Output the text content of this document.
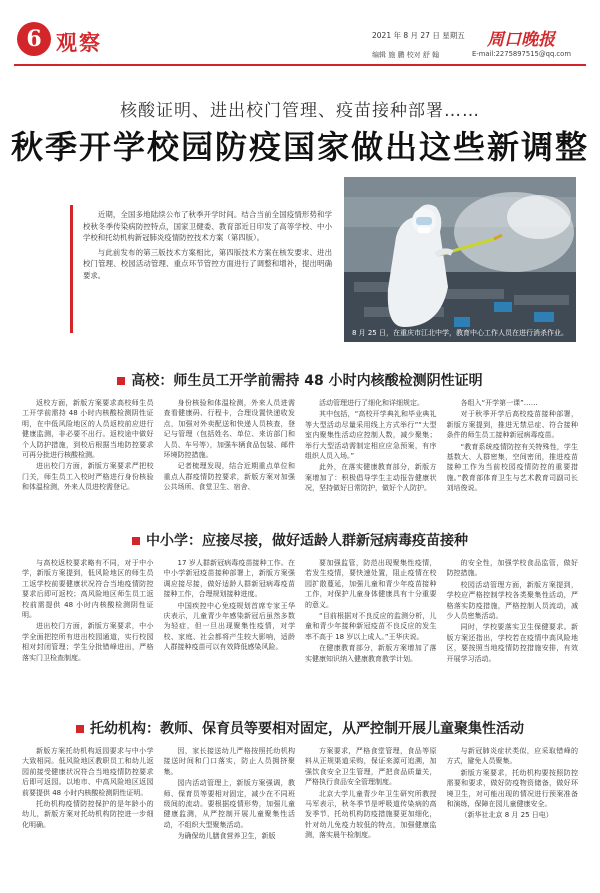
6 观察	2021 年 8 月 27 日 星期五 周口晚报
编辑 施 鹏 校对 舒 翰	E-mail:2275897515@qq.com
核酸证明、进出校门管理、疫苗接种部署……
秋季开学校园防疫国家做出这些新调整

近期，全国多地陆续公布了秋季开学时间。结合当前全国疫情形势和学校秋冬季传染病防控特点，国家卫健委、教育部近日印发了高等学校、中小学校和托幼机构新冠肺炎疫情防控技术方案（第四版）。

与此前发布的第三版技术方案相比，第四版技术方案在核发要求、进出校门管理、校园活动管理、重点环节管控方面进行了调整和增补，提出明确要求。

8 月 25 日，在重庆市江北中学，教育中心工作人员在进行消杀作业。
高校：师生员工开学前需持 48 小时内核酸检测阴性证明

返校方面，新版方案要求高校师生员工开学前需持 48 小时内核酸检测阴性证明，在中低风险地区的人员返校前应进行健康监测，非必要不出行。返校途中做好个人防护措施，到校后根据当地防控要求可再分批进行核酸检测。

进出校门方面，新版方案要求严把校门关，师生员工入校时严格进行身份核验和体温检测，外来人员进校需登记。

身份核验和体温检测，外来人员进需查看健康码、行程卡，合理设置快递收发点，加强对外卖配送和快递人员核查，登记与管理（包括姓名、单位、来访部门和人员、车号等），加强车辆食品包装、邮件环境防控措施。

记者梳理发现，结合近期重点单位和重点人群疫情防控要求，新版方案对加强公共场所、食堂卫生、宿舍、

活动管理进行了细化和详细规定。

其中包括，“高校开学典礼和毕业典礼等大型活动尽量采用线上方式举行”“大型室内聚集性活动应控制人数，减少聚集；举行大型活动需制定相应应急预案，有序组织人员入场。”

此外，在落实健康教育部分，新版方案增加了：积极倡导学生主动报告健康状况，坚持做好日常防护，做好个人防护。

各组入“开学第一课”……

对于秋季开学后高校疫苗接种部署，新版方案提到，推进无禁忌症、符合接种条件的师生员工接种新冠病毒疫苗。

“教育系统疫情防控有关特殊性，学生基数大、人群密集，空间密闭，推进疫苗接种工作为当前校园疫情防控的重要措施。”教育部体育卫生与艺术教育司副司长刘培俊说。

中小学：应接尽接，做好适龄人群新冠病毒疫苗接种

与高校返校要求略有不同，对于中小学，新版方案提到，低风险地区的师生员工返学校前要健康状况符合当地疫情防控要求后即可返校；高风险地区师生员工返校前需提供 48 小时内核酸检测阴性证明。

进出校门方面，新版方案要求，中小学全面把控所有进出校园通道，实行校园相对封闭管理；学生分批错峰进出，严格落实门卫检查制度。

17 岁人群新冠病毒疫苗接种工作。在中小学新冠疫苗接种部署上，新版方案强调应接尽接，做好适龄人群新冠病毒疫苗接种工作，合理规划接种进度。

中国疾控中心免疫规划首席专家王华庆表示，儿童青少年感染新冠后虽然多数为轻症，但一旦出现聚集性疫情，对学校、家庭、社会都将产生较大影响，适龄人群接种疫苗可以有效降低感染风险。

要加强监管，防范出现聚集性疫情，若发生疫情，要快速处置，阻止疫情在校园扩散蔓延，加强儿童和青少年疫苗接种工作，对保护儿童身体健康具有十分重要的意义。

“目前根据对不良反应的监测分析，儿童和青少年接种新冠疫苗不良反应的发生率不高于 18 岁以上成人。”王华庆说。

在健康教育部分，新版方案增加了落实健康知识纳入健康教育教学计划。

的安全性，加强学校食品监管，做好防控措施。

校园活动管理方面，新版方案提到，学校应严格控制学校各类聚集性活动，严格落实防疫措施，严格控制人员流动，减少人员密集活动。

同时，学校要落实卫生保健要求。新版方案还指出，学校若在疫情中高风险地区，要按照当地疫情防控措施安排，有效开展学习活动。

托幼机构：教师、保育员等要相对固定，从严控制开展儿童聚集性活动

新版方案托幼机构返园要求与中小学大致相同。低风险地区教职员工和幼儿返园前接受健康状况符合当地疫情防控要求后即可返园。以地市、中高风险地区返园前要提供 48 小时内核酸检测阴性证明。

托幼机构疫情防控保护的是年龄小的幼儿，新版方案对托幼机构防控进一步细化明确。

因，家长接送幼儿严格按照托幼机构接送时间和门口落实，防止人员拥挤聚集。

园内活动管理上，新版方案强调，教师、保育员等要相对固定，减少在不同班级间的流动。要根据疫情形势，加强儿童健康监测，从严控制开展儿童聚集性活动，不组织大型聚集活动。

为确保幼儿膳食营养卫生，新版

方案要求，严格食堂管理，食品等原料从正规渠道采购，保证来源可追溯，加强饮食安全卫生管理，严把食品质量关，严格执行食品安全管理制度。

北京大学儿童青少年卫生研究所教授马军表示，秋冬季节是呼吸道传染病的高发季节，托幼机构防疫措施要更加细化，针对幼儿免疫力较低的特点，加强健康监测，落实晨午检制度。

与新冠肺炎症状类似，应采取错峰的方式，避免人员聚集。

新版方案要求，托幼机构要按照防控需要和要求，做好防疫物资储备，做好环境卫生，对可能出现的情况进行预案准备和演练，保障在园儿童健康安全。

（新华社北京 8 月 25 日电）
